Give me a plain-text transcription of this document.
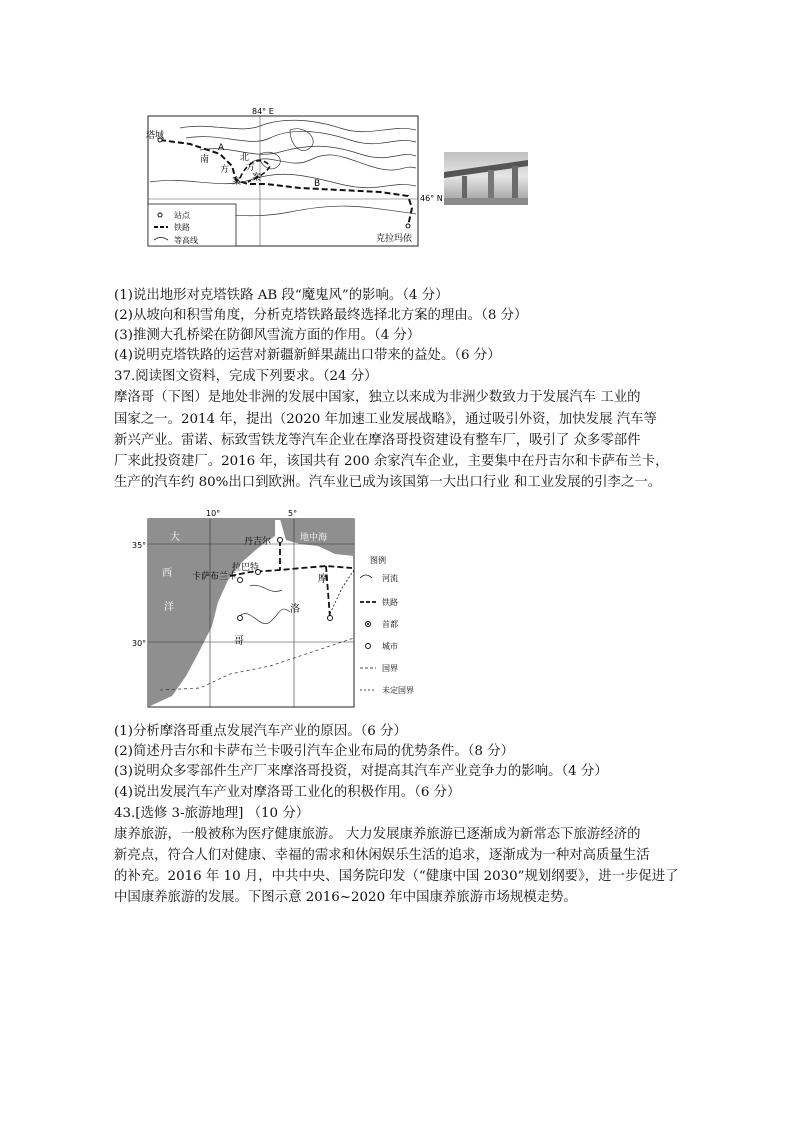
84° E
46° N
塔城
克拉玛依
A
B
南
方
案
北
方
案
站点
铁路
等高线
(1)说出地形对克塔铁路 AB 段“魔鬼风”的影响。（4 分）
(2)从坡向和积雪角度，分析克塔铁路最终选择北方案的理由。（8 分）
(3)推测大孔桥梁在防御风雪流方面的作用。（4 分）
(4)说明克塔铁路的运营对新疆新鲜果蔬出口带来的益处。（6 分）
37.阅读图文资料，完成下列要求。（24 分）
摩洛哥（下图）是地处非洲的发展中国家，独立以来成为非洲少数致力于发展汽车 工业的
国家之一。2014 年，提出（2020 年加速工业发展战略》，通过吸引外资，加快发展 汽车等
新兴产业。雷诺、标致雪铁龙等汽车企业在摩洛哥投资建设有整车厂，吸引了 众多零部件
厂来此投资建厂。2016 年，该国共有 200 余家汽车企业，主要集中在丹吉尔和卡萨布兰卡，
生产的汽车约 80%出口到欧洲。汽车业已成为该国第一大出口行业 和工业发展的引李之一。
10°	5°
35°
30°
大
西
洋
地中海
摩
洛
哥
丹吉尔
拉巴特
卡萨布兰卡
图例
河流
铁路
首都
城市
国界
未定国界
(1)分析摩洛哥重点发展汽车产业的原因。（6 分）
(2)简述丹吉尔和卡萨布兰卡吸引汽车企业布局的优势条件。（8 分）
(3)说明众多零部件生产厂来摩洛哥投资，对提高其汽车产业竞争力的影响。（4 分）
(4)说出发展汽车产业对摩洛哥工业化的积极作用。（6 分）
43.[选修 3-旅游地理] （10 分）
康养旅游，一般被称为医疗健康旅游。 大力发展康养旅游已逐渐成为新常态下旅游经济的
新亮点，符合人们对健康、幸福的需求和休闲娱乐生活的追求，逐渐成为一种对高质量生活
的补充。2016 年 10 月，中共中央、国务院印发（“健康中国 2030”规划纲要》，进一步促进了
中国康养旅游的发展。下图示意 2016~2020 年中国康养旅游市场规模走势。
